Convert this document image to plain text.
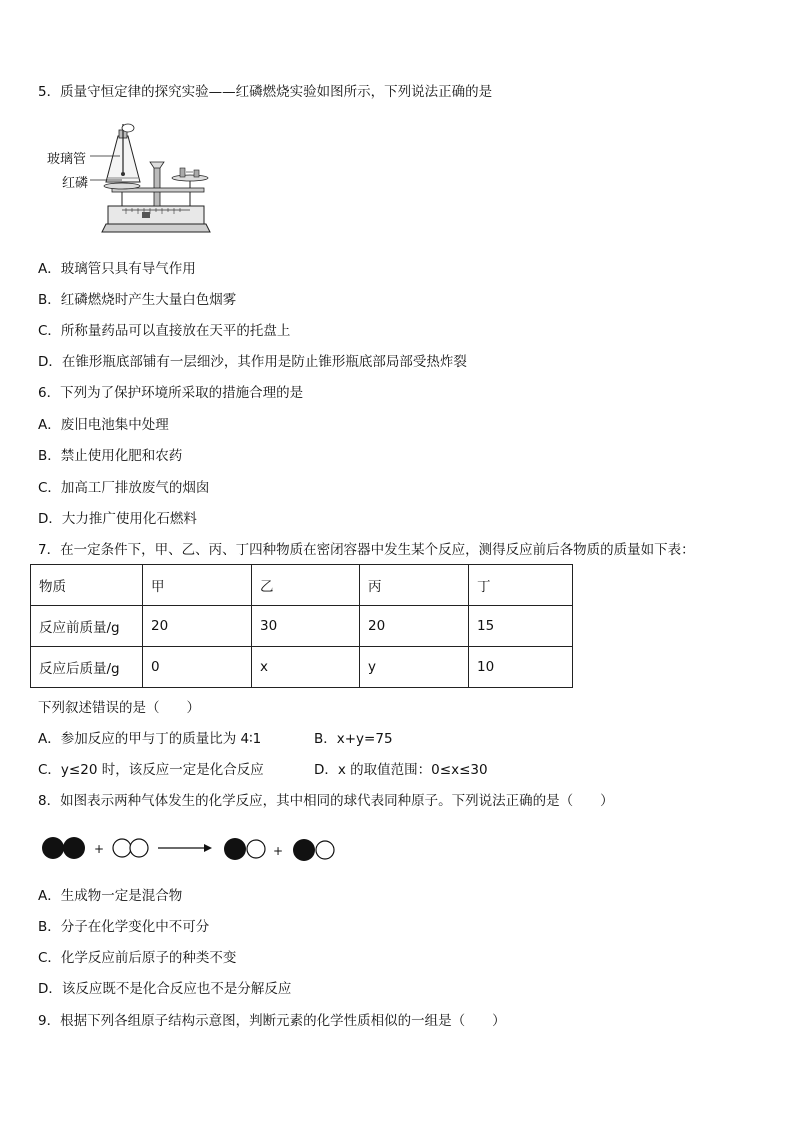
5．质量守恒定律的探究实验——红磷燃烧实验如图所示，下列说法正确的是
玻璃管
红磷
A．玻璃管只具有导气作用
B．红磷燃烧时产生大量白色烟雾
C．所称量药品可以直接放在天平的托盘上
D．在锥形瓶底部铺有一层细沙，其作用是防止锥形瓶底部局部受热炸裂
6．下列为了保护环境所采取的措施合理的是
A．废旧电池集中处理
B．禁止使用化肥和农药
C．加高工厂排放废气的烟囱
D．大力推广使用化石燃料
7．在一定条件下，甲、乙、丙、丁四种物质在密闭容器中发生某个反应，测得反应前后各物质的质量如下表：
物质	甲	乙	丙	丁
反应前质量/g	20	30	20	15
反应后质量/g	0	x	y	10
下列叙述错误的是（　　）
A．参加反应的甲与丁的质量比为 4∶1	B．x+y=75
C．y≤20 时，该反应一定是化合反应	D．x 的取值范围：0≤x≤30
8．如图表示两种气体发生的化学反应，其中相同的球代表同种原子。下列说法正确的是（　　）
+	+
A．生成物一定是混合物
B．分子在化学变化中不可分
C．化学反应前后原子的种类不变
D．该反应既不是化合反应也不是分解反应
9．根据下列各组原子结构示意图，判断元素的化学性质相似的一组是（　　）
